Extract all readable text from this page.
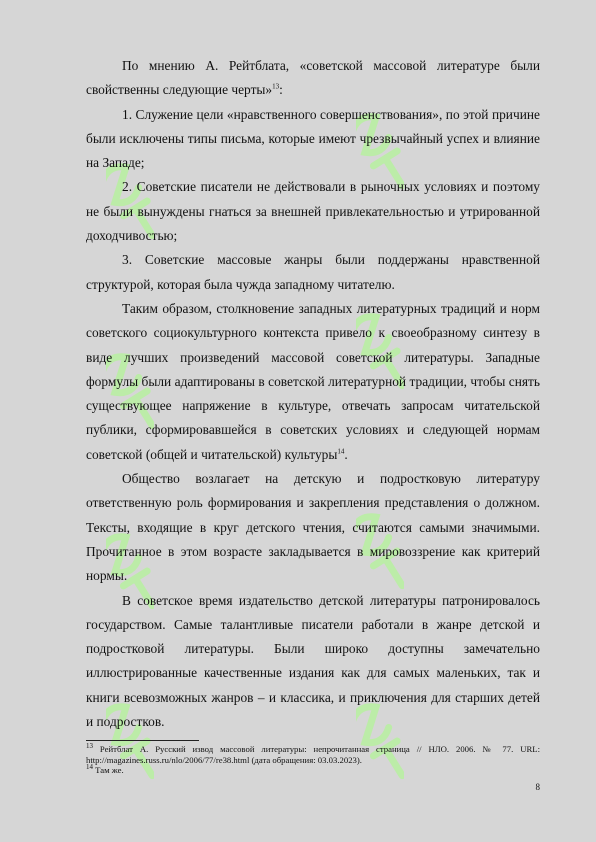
По мнению А. Рейтблата, «советской массовой литературе были свойственны следующие черты»$^{13}$:

1. Служение цели «нравственного совершенствования», по этой причине были исключены типы письма, которые имеют чрезвычайный успех и влияние на Западе;

2. Советские писатели не действовали в рыночных условиях и поэтому не были вынуждены гнаться за внешней привлекательностью и утрированной доходчивостью;

3. Советские массовые жанры были поддержаны нравственной структурой, которая была чужда западному читателю.

Таким образом, столкновение западных литературных традиций и норм советского социокультурного контекста привело к своеобразному синтезу в виде лучших произведений массовой советской литературы. Западные формулы были адаптированы в советской литературной традиции, чтобы снять существующее напряжение в культуре, отвечать запросам читательской публики, сформировавшейся в советских условиях и следующей нормам советской (общей и читательской) культуры$^{14}$.

Общество возлагает на детскую и подростковую литературу ответственную роль формирования и закрепления представления о должном. Тексты, входящие в круг детского чтения, считаются самыми значимыми. Прочитанное в этом возрасте закладывается в мировоззрение как критерий нормы.

В советское время издательство детской литературы патронировалось государством. Самые талантливые писатели работали в жанре детской и подростковой литературы. Были широко доступны замечательно иллюстрированные качественные издания как для самых маленьких, так и книги всевозможных жанров – и классика, и приключения для старших детей и подростков.

$^{13}$ Рейтблат А. Русский извод массовой литературы: непрочитанная страница // НЛО. 2006. № 77. URL: http://magazines.russ.ru/nlo/2006/77/re38.html (дата обращения: 03.03.2023).
$^{14}$ Там же.
8
